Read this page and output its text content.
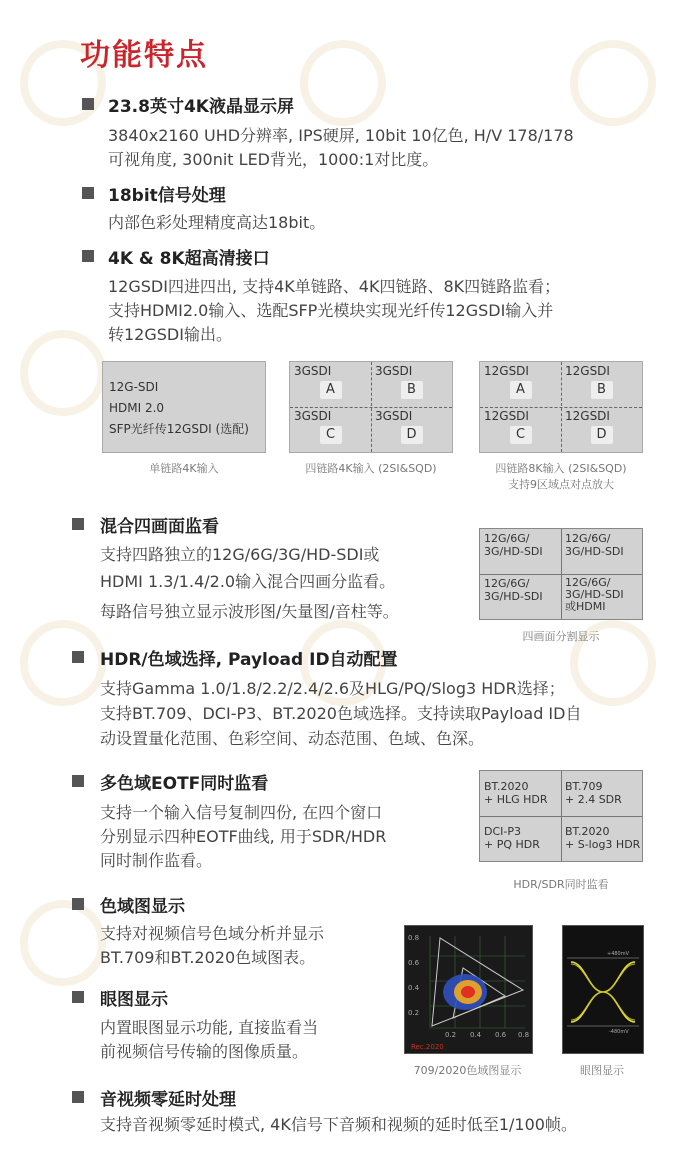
功能特点
23.8英寸4K液晶显示屏
3840x2160 UHD分辨率, IPS硬屏, 10bit 10亿色, H/V 178/178
可视角度, 300nit LED背光，1000:1对比度。
18bit信号处理
内部色彩处理精度高达18bit。
4K & 8K超高清接口
12GSDI四进四出, 支持4K单链路、4K四链路、8K四链路监看；
支持HDMI2.0输入、选配SFP光模块实现光纤传12GSDI输入并
转12GSDI输出。
12G-SDI
HDMI 2.0
SFP光纤传12GSDI (选配)
单链路4K输入
3GSDI
A
3GSDI
B
3GSDI
C
3GSDI
D
四链路4K输入 (2SI&SQD)
12GSDI
A
12GSDI
B
12GSDI
C
12GSDI
D
四链路8K输入 (2SI&SQD)
支持9区域点对点放大
混合四画面监看
支持四路独立的12G/6G/3G/HD-SDI或
HDMI 1.3/1.4/2.0输入混合四画分监看。
每路信号独立显示波形图/矢量图/音柱等。
12G/6G/
3G/HD-SDI
12G/6G/
3G/HD-SDI
12G/6G/
3G/HD-SDI
12G/6G/
3G/HD-SDI
或HDMI
四画面分割显示
HDR/色域选择, Payload ID自动配置
支持Gamma 1.0/1.8/2.2/2.4/2.6及HLG/PQ/Slog3 HDR选择；
支持BT.709、DCI-P3、BT.2020色域选择。支持读取Payload ID自
动设置量化范围、色彩空间、动态范围、色域、色深。
多色域EOTF同时监看
支持一个输入信号复制四份, 在四个窗口
分别显示四种EOTF曲线, 用于SDR/HDR
同时制作监看。
BT.2020
+ HLG HDR
BT.709
+ 2.4 SDR
DCI-P3
+ PQ HDR
BT.2020
+ S-log3 HDR
HDR/SDR同时监看
色域图显示
支持对视频信号色域分析并显示
BT.709和BT.2020色域图表。
眼图显示
内置眼图显示功能, 直接监看当
前视频信号传输的图像质量。
0.8
0.6
0.4
0.2
0.2 0.4 0.6 0.8
Rec.2020
709/2020色域图显示
+480mV
-480mV
眼图显示
音视频零延时处理
支持音视频零延时模式, 4K信号下音频和视频的延时低至1/100帧。
